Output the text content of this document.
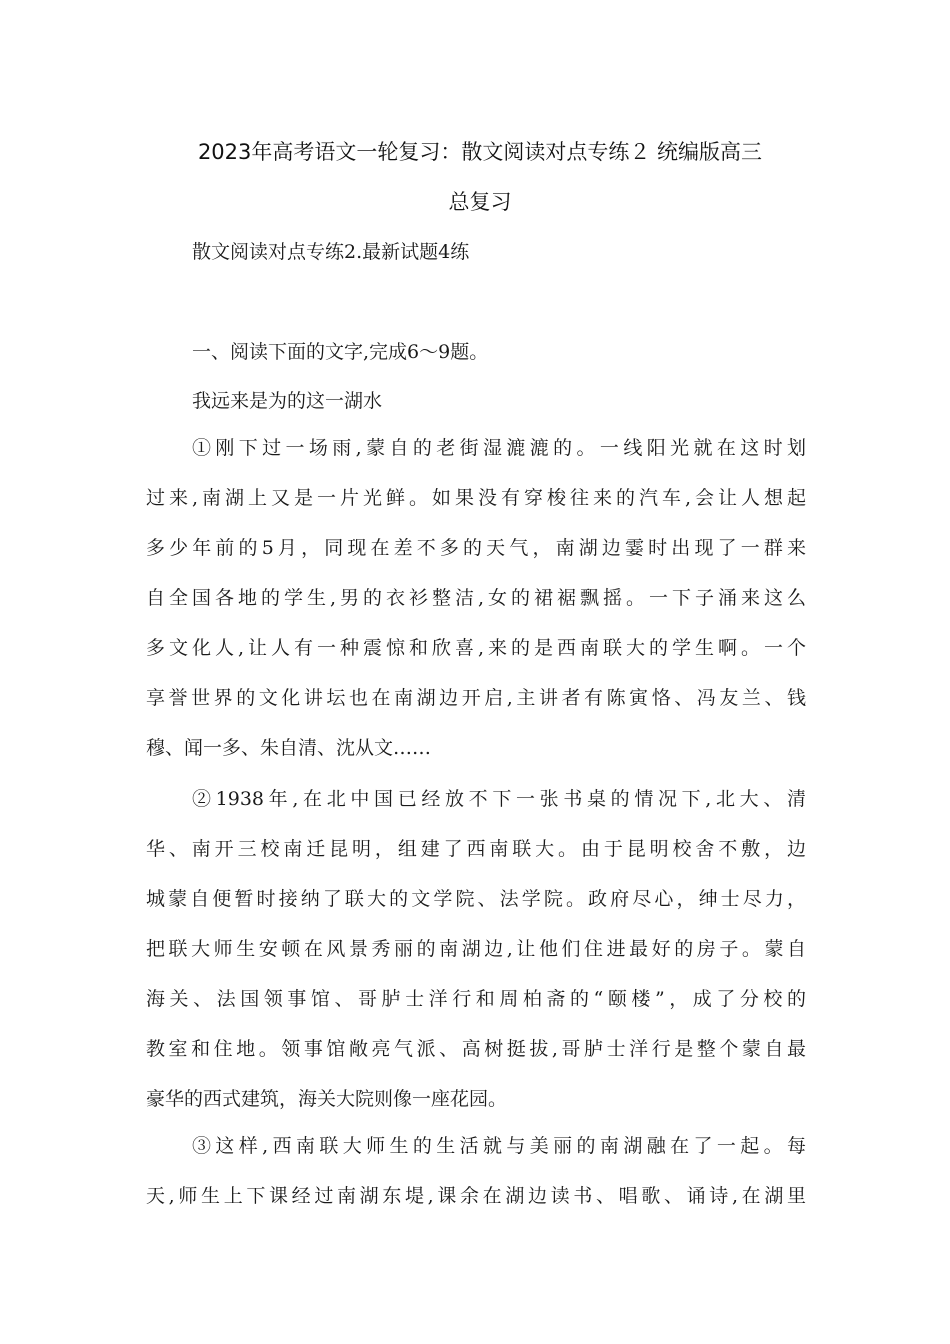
2023年高考语文一轮复习：散文阅读对点专练２ 统编版高三
总复习
散文阅读对点专练2.最新试题4练
一、阅读下面的文字,完成6～9题。
我远来是为的这一湖水
①刚下过一场雨,蒙自的老街湿漉漉的。一线阳光就在这时划
过来,南湖上又是一片光鲜。如果没有穿梭往来的汽车,会让人想起
多少年前的5月，同现在差不多的天气，南湖边霎时出现了一群来
自全国各地的学生,男的衣衫整洁,女的裙裾飘摇。一下子涌来这么
多文化人,让人有一种震惊和欣喜,来的是西南联大的学生啊。一个
享誉世界的文化讲坛也在南湖边开启,主讲者有陈寅恪、冯友兰、钱
穆、闻一多、朱自清、沈从文……
②1938年,在北中国已经放不下一张书桌的情况下,北大、清
华、南开三校南迁昆明，组建了西南联大。由于昆明校舍不敷，边
城蒙自便暂时接纳了联大的文学院、法学院。政府尽心，绅士尽力，
把联大师生安顿在风景秀丽的南湖边,让他们住进最好的房子。蒙自
海关、法国领事馆、哥胪士洋行和周柏斋的“颐楼”，成了分校的
教室和住地。领事馆敞亮气派、高树挺拔,哥胪士洋行是整个蒙自最
豪华的西式建筑，海关大院则像一座花园。
③这样,西南联大师生的生活就与美丽的南湖融在了一起。每
天,师生上下课经过南湖东堤,课余在湖边读书、唱歌、诵诗,在湖里
